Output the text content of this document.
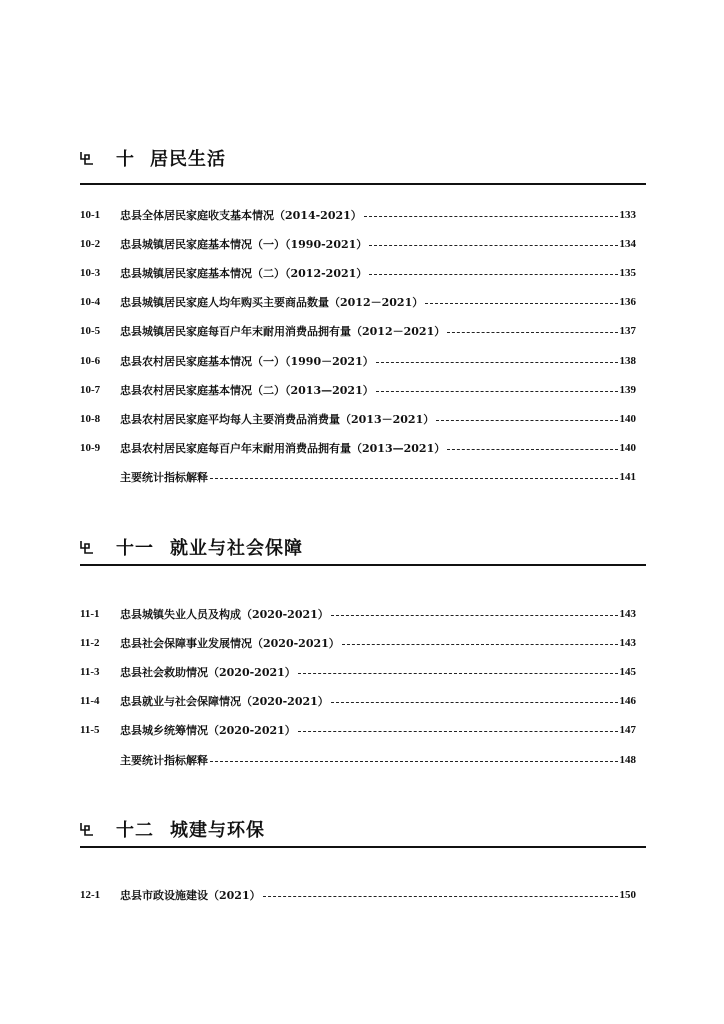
十 居民生活
10-1	忠县全体居民家庭收支基本情况（2014-2021）	133
10-2	忠县城镇居民家庭基本情况（一）（1990-2021）	134
10-3	忠县城镇居民家庭基本情况（二）（2012-2021）	135
10-4	忠县城镇居民家庭人均年购买主要商品数量（2012－2021）	136
10-5	忠县城镇居民家庭每百户年末耐用消费品拥有量（2012－2021）	137
10-6	忠县农村居民家庭基本情况（一）（1990－2021）	138
10-7	忠县农村居民家庭基本情况（二）（2013—2021）	139
10-8	忠县农村居民家庭平均每人主要消费品消费量（2013－2021）	140
10-9	忠县农村居民家庭每百户年末耐用消费品拥有量（2013—2021）	140
主要统计指标解释	141
十一 就业与社会保障
11-1	忠县城镇失业人员及构成（2020-2021）	143
11-2	忠县社会保障事业发展情况（2020-2021）	143
11-3	忠县社会救助情况（2020-2021）	145
11-4	忠县就业与社会保障情况（2020-2021）	146
11-5	忠县城乡统筹情况（2020-2021）	147
主要统计指标解释	148
十二 城建与环保
12-1	忠县市政设施建设（2021）	150
